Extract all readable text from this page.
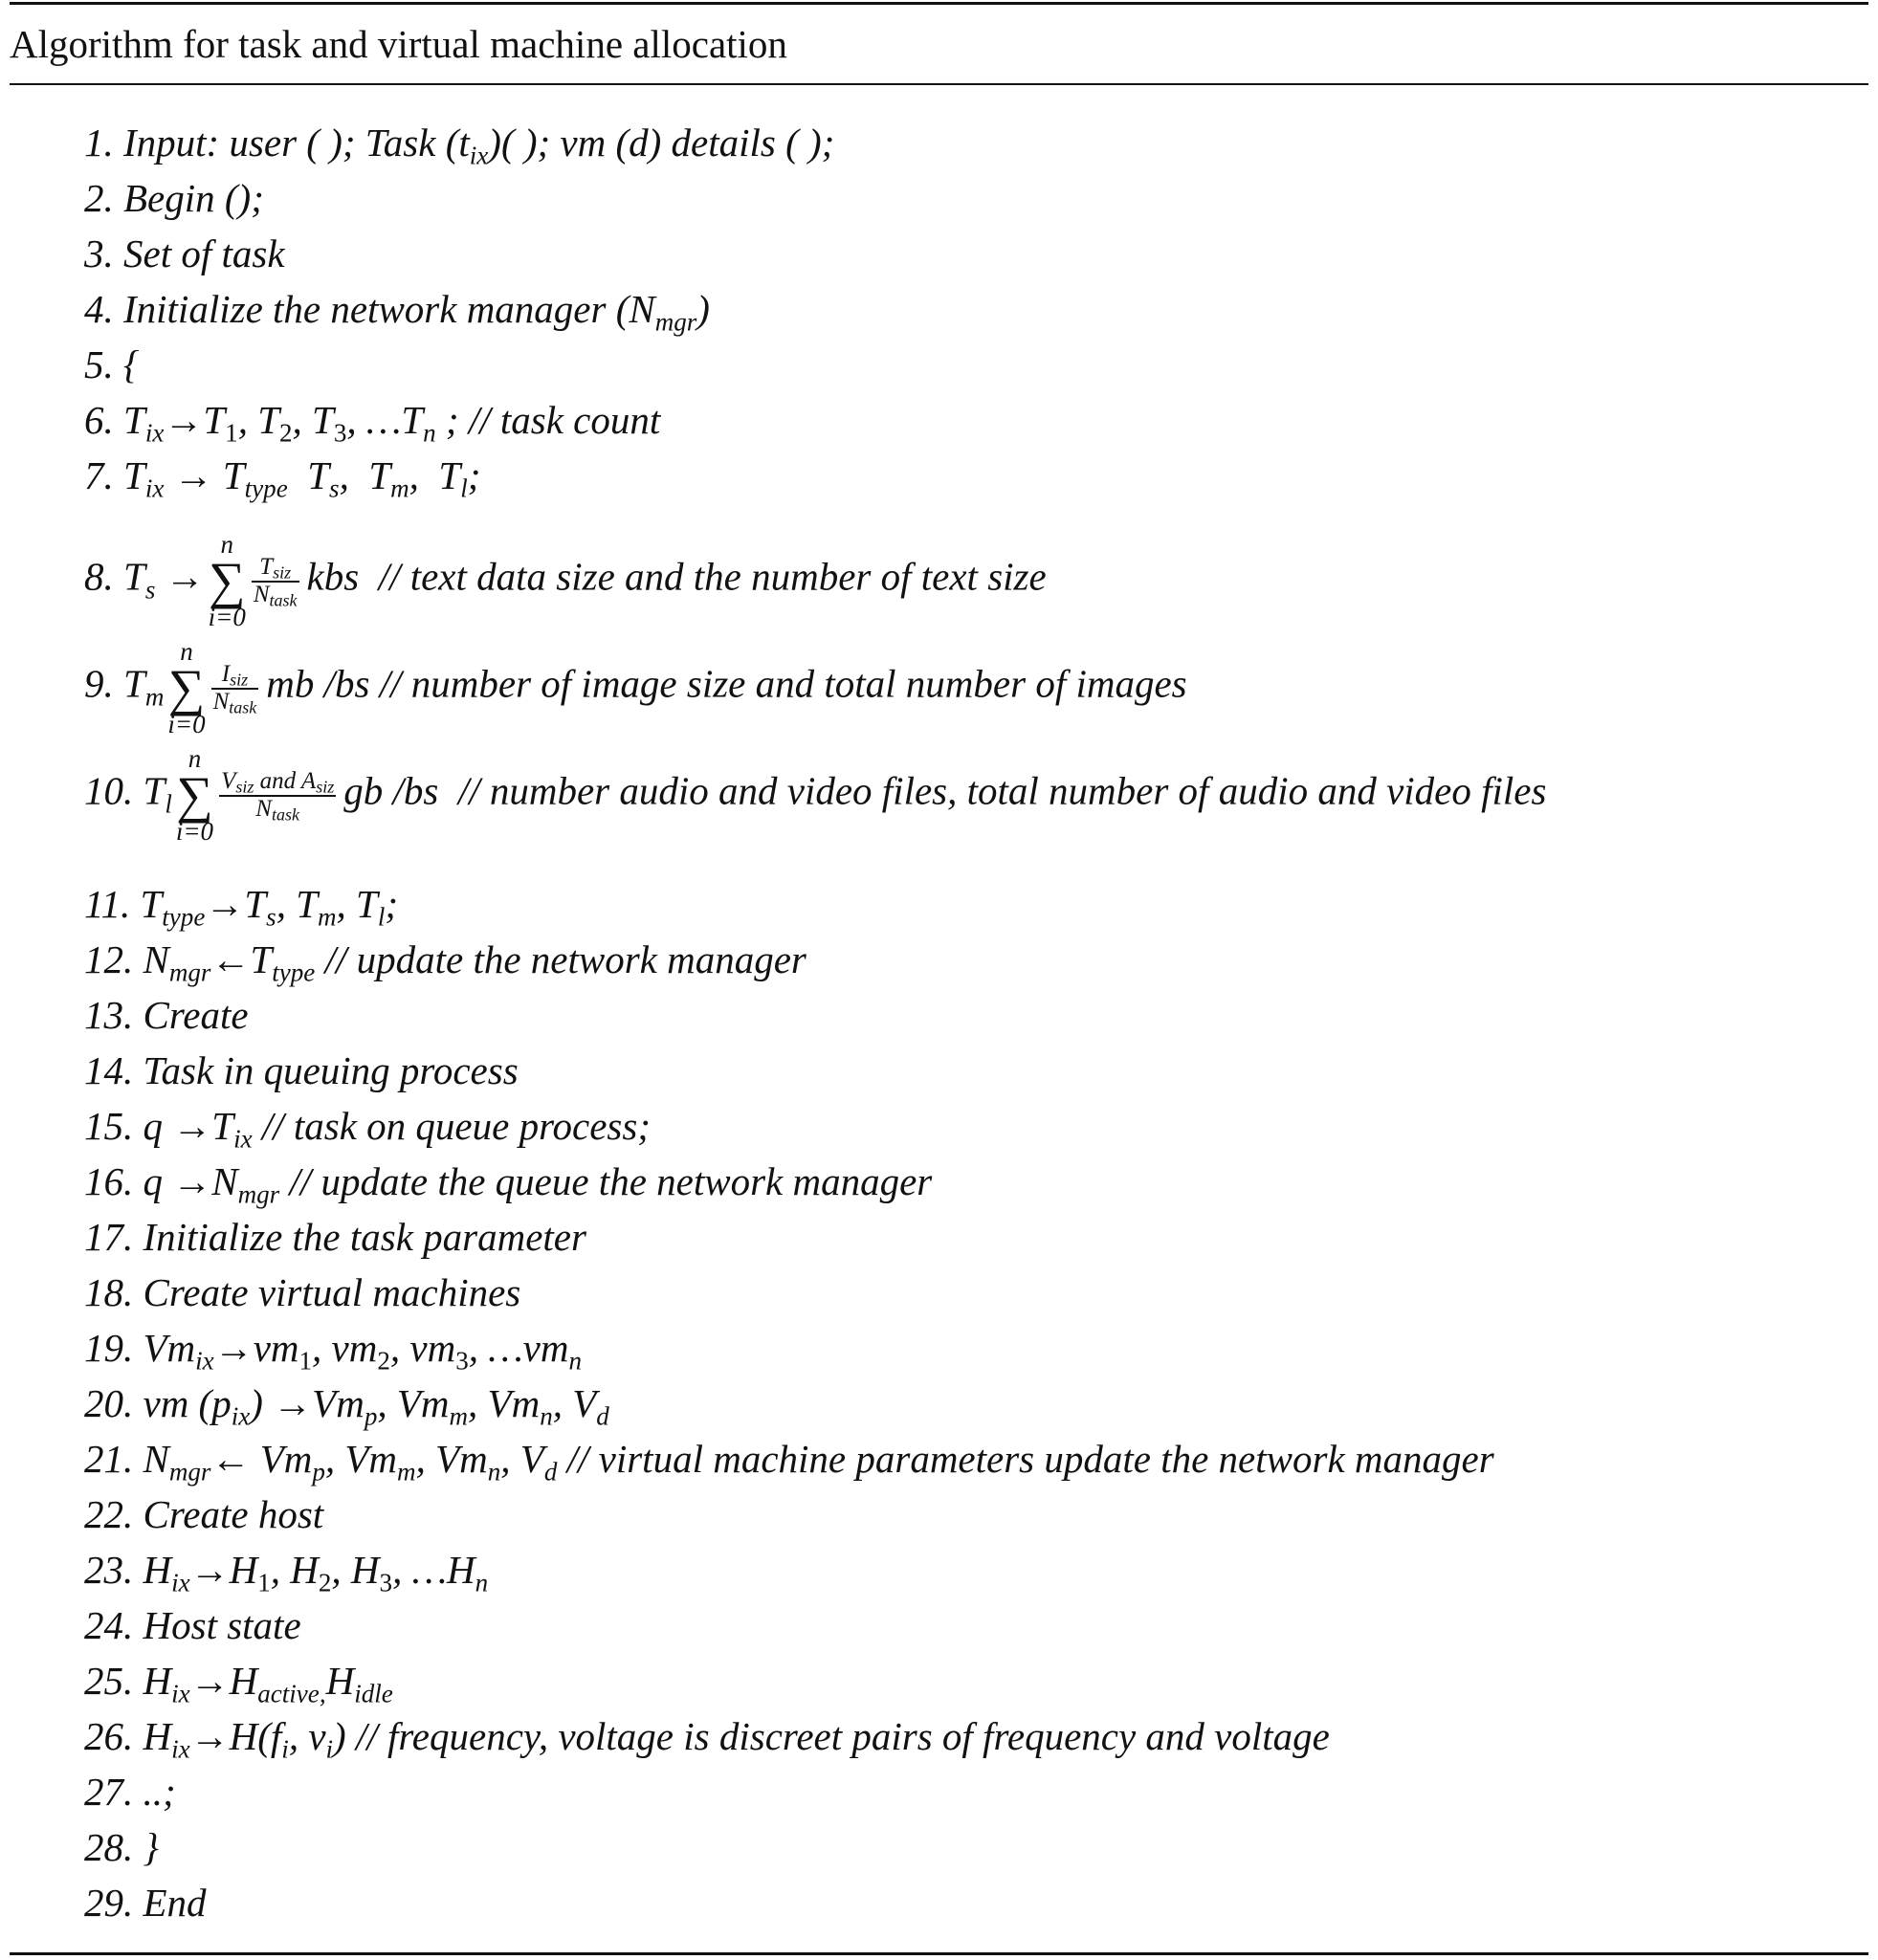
Algorithm for task and virtual machine allocation
1. Input: user ( ); Task $(t_{ix})$( ); vm (d) details ( );
2. Begin ();
3. Set of task
4. Initialize the network manager $(N_{mgr})$
5. {
6. $T_{ix}\to T_1$, $T_2$, $T_3$, $\dots T_n$ ; // task count
7. $T_{ix} \to T_{type}$  $T_s$,  $T_m$,  $T_l$;
8. $T_s$ →
n
∑
i=0
$\frac{T_{siz}}{N_{task}}$ kbs  // text data size and the number of text size
9. $T_m$
n
∑
i=0
$\frac{I_{siz}}{N_{task}}$ mb /bs // number of image size and total number of images
10. $T_l$
n
∑
i=0
$\frac{V_{siz} and A_{siz}}{N_{task}}$ gb /bs  // number audio and video files, total number of audio and video files
11. $T_{type}\to T_s$, $T_m$, $T_l$;
12. $N_{mgr}\leftarrow T_{type}$ // update the network manager
13. Create
14. Task in queuing process
15. $q \to T_{ix}$ // task on queue process;
16. $q \to N_{mgr}$ // update the queue the network manager
17. Initialize the task parameter
18. Create virtual machines
19. $Vm_{ix}\to vm_1$, $vm_2$, $vm_3$, $\dots vm_n$
20. vm $(p_{ix}) \to Vm_p$, $Vm_m$, $Vm_n$, $V_d$
21. $N_{mgr}\leftarrow$ $Vm_p$, $Vm_m$, $Vm_n$, $V_d$ // virtual machine parameters update the network manager
22. Create host
23. $H_{ix}\to H_1$, $H_2$, $H_3$, $\dots H_n$
24. Host state
25. $H_{ix}\to H_{active,}H_{idle}$
26. $H_{ix}\to H(f_i$, $v_i$) // frequency, voltage is discreet pairs of frequency and voltage
27. ..;
28. }
29. End
